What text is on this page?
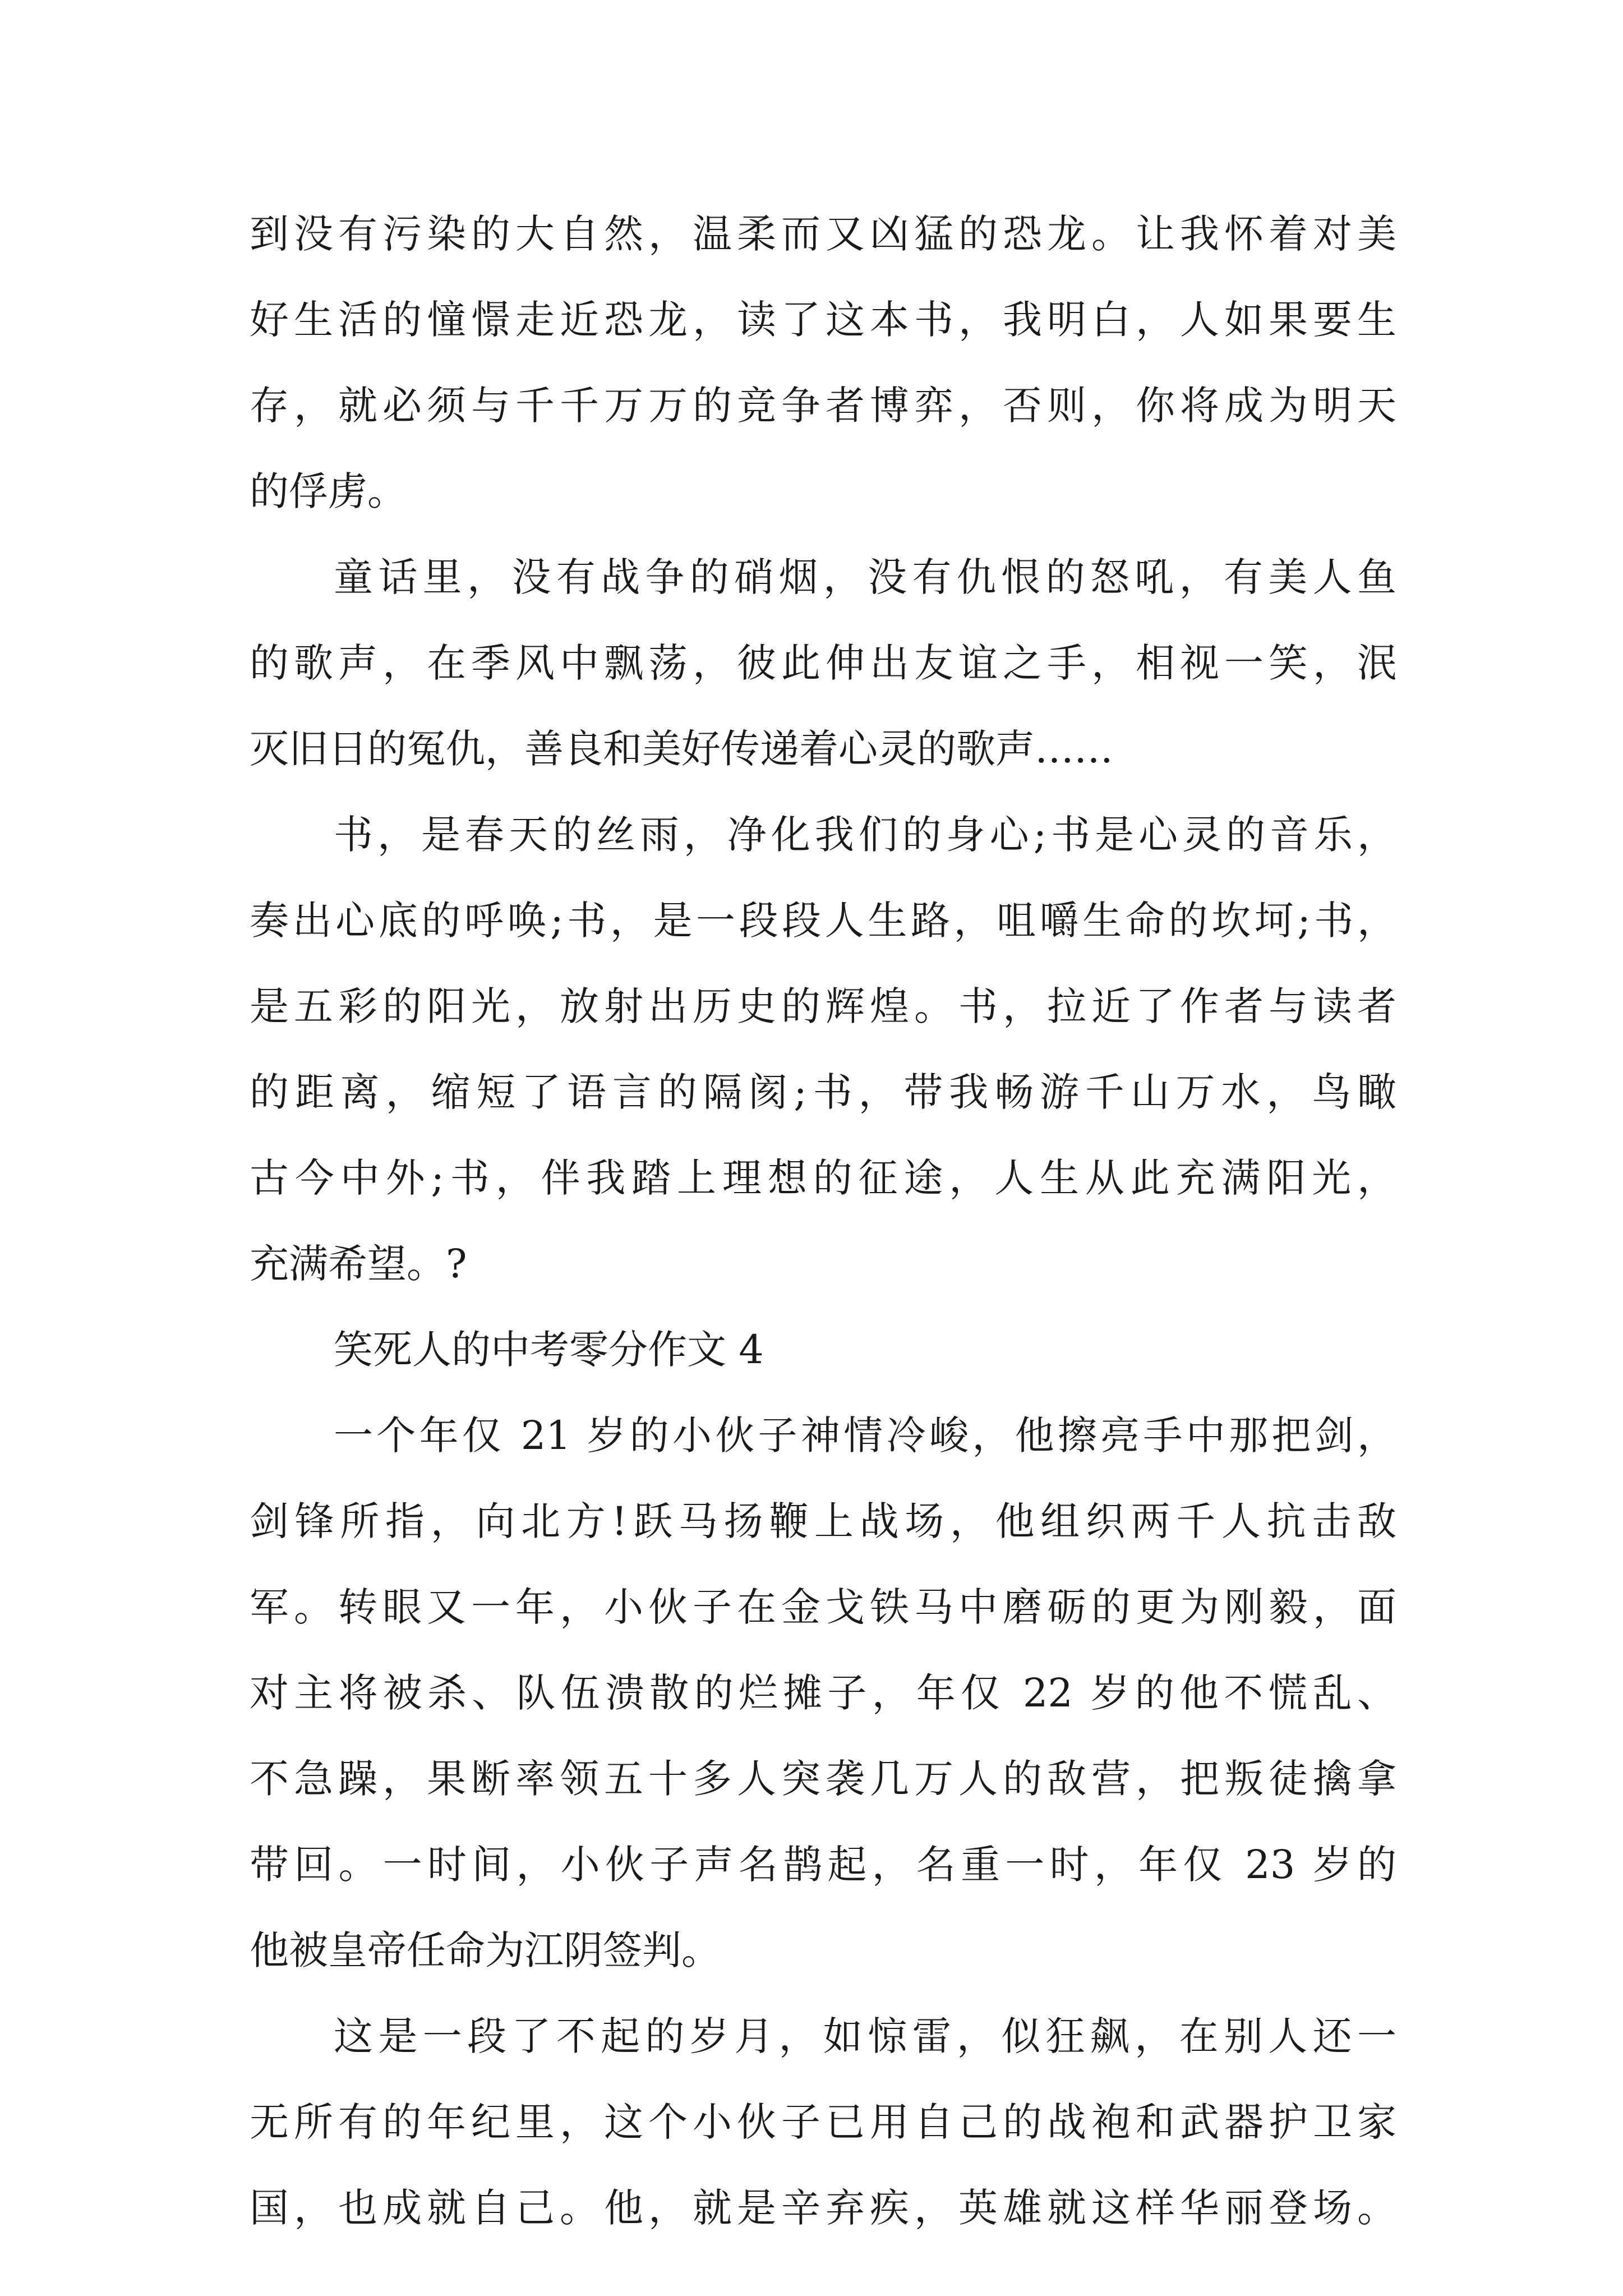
到没有污染的大自然，温柔而又凶猛的恐龙。让我怀着对美
好生活的憧憬走近恐龙，读了这本书，我明白，人如果要生
存，就必须与千千万万的竞争者博弈，否则，你将成为明天
的俘虏。
童话里，没有战争的硝烟，没有仇恨的怒吼，有美人鱼
的歌声，在季风中飘荡，彼此伸出友谊之手，相视一笑，泯
灭旧日的冤仇，善良和美好传递着心灵的歌声……
书，是春天的丝雨，净化我们的身心;书是心灵的音乐，
奏出心底的呼唤;书，是一段段人生路，咀嚼生命的坎坷;书，
是五彩的阳光，放射出历史的辉煌。书，拉近了作者与读者
的距离，缩短了语言的隔阂;书，带我畅游千山万水，鸟瞰
古今中外;书，伴我踏上理想的征途，人生从此充满阳光，
充满希望。?
笑死人的中考零分作文 4
一个年仅 21 岁的小伙子神情冷峻，他擦亮手中那把剑，
剑锋所指，向北方!跃马扬鞭上战场，他组织两千人抗击敌
军。转眼又一年，小伙子在金戈铁马中磨砺的更为刚毅，面
对主将被杀、队伍溃散的烂摊子，年仅 22 岁的他不慌乱、
不急躁，果断率领五十多人突袭几万人的敌营，把叛徒擒拿
带回。一时间，小伙子声名鹊起，名重一时，年仅 23 岁的
他被皇帝任命为江阴签判。
这是一段了不起的岁月，如惊雷，似狂飙，在别人还一
无所有的年纪里，这个小伙子已用自己的战袍和武器护卫家
国，也成就自己。他，就是辛弃疾，英雄就这样华丽登场。
